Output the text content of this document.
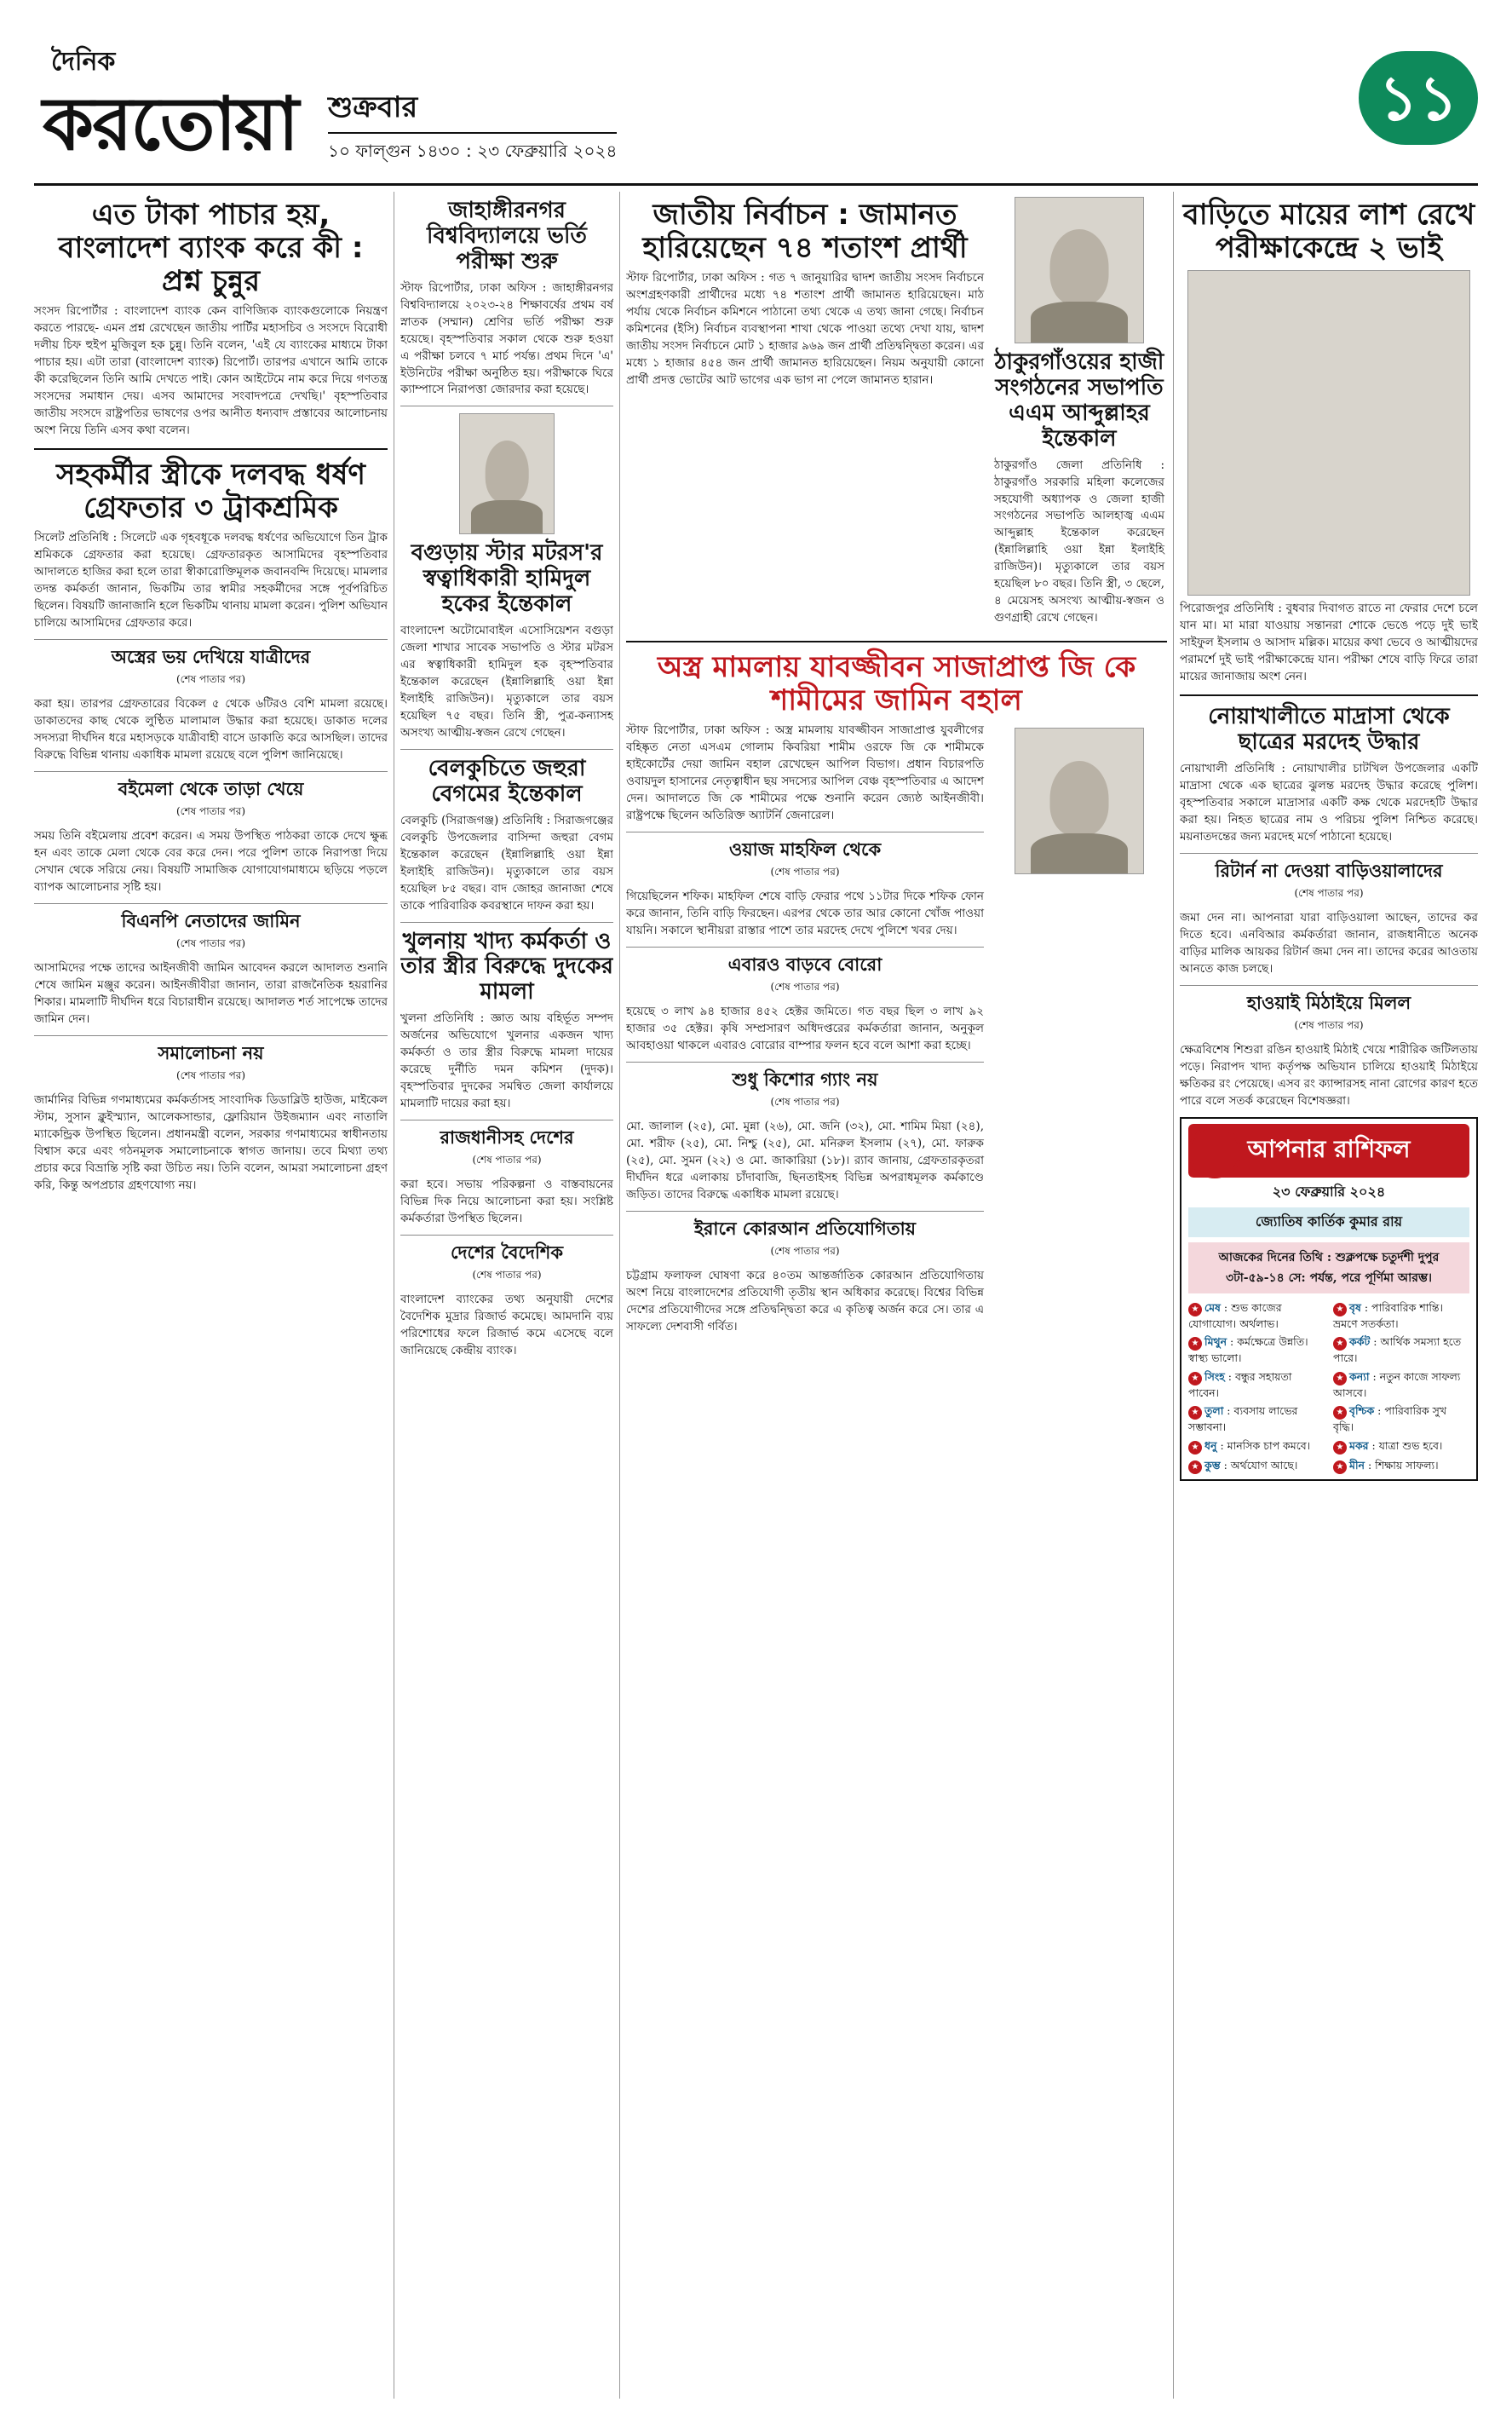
দৈনিক
করতোয়া শুক্রবার
১০ ফাল্গুন ১৪৩০ : ২৩ ফেব্রুয়ারি ২০২৪
১১
এত টাকা পাচার হয়, বাংলাদেশ ব্যাংক করে কী : প্রশ্ন চুন্নুর

সংসদ রিপোর্টার : বাংলাদেশ ব্যাংক কেন বাণিজ্যিক ব্যাংকগুলোকে নিয়ন্ত্রণ করতে পারছে- এমন প্রশ্ন রেখেছেন জাতীয় পার্টির মহাসচিব ও সংসদে বিরোধী দলীয় চিফ হুইপ মুজিবুল হক চুন্নু। তিনি বলেন, 'এই যে ব্যাংকের মাধ্যমে টাকা পাচার হয়। এটা তারা (বাংলাদেশ ব্যাংক) রিপোর্ট। তারপর এখানে আমি তাকে কী করেছিলেন তিনি আমি দেখতে পাই। কোন আইটেমে নাম করে দিয়ে গণতন্ত্র সংসদের সমাধান দেয়। এসব আমাদের সংবাদপত্রে দেখছি।' বৃহস্পতিবার জাতীয় সংসদে রাষ্ট্রপতির ভাষণের ওপর আনীত ধন্যবাদ প্রস্তাবের আলোচনায় অংশ নিয়ে তিনি এসব কথা বলেন।

সহকর্মীর স্ত্রীকে দলবদ্ধ ধর্ষণ গ্রেফতার ৩ ট্রাকশ্রমিক

সিলেট প্রতিনিধি : সিলেটে এক গৃহবধূকে দলবদ্ধ ধর্ষণের অভিযোগে তিন ট্রাক শ্রমিককে গ্রেফতার করা হয়েছে। গ্রেফতারকৃত আসামিদের বৃহস্পতিবার আদালতে হাজির করা হলে তারা স্বীকারোক্তিমূলক জবানবন্দি দিয়েছে। মামলার তদন্ত কর্মকর্তা জানান, ভিকটিম তার স্বামীর সহকর্মীদের সঙ্গে পূর্বপরিচিত ছিলেন। বিষয়টি জানাজানি হলে ভিকটিম থানায় মামলা করেন। পুলিশ অভিযান চালিয়ে আসামিদের গ্রেফতার করে।

অস্ত্রের ভয় দেখিয়ে যাত্রীদের
(শেষ পাতার পর)

করা হয়। তারপর গ্রেফতারের বিকেল ৫ থেকে ৬টিরও বেশি মামলা রয়েছে। ডাকাতদের কাছ থেকে লুণ্ঠিত মালামাল উদ্ধার করা হয়েছে। ডাকাত দলের সদস্যরা দীর্ঘদিন ধরে মহাসড়কে যাত্রীবাহী বাসে ডাকাতি করে আসছিল। তাদের বিরুদ্ধে বিভিন্ন থানায় একাধিক মামলা রয়েছে বলে পুলিশ জানিয়েছে।

বইমেলা থেকে তাড়া খেয়ে
(শেষ পাতার পর)

সময় তিনি বইমেলায় প্রবেশ করেন। এ সময় উপস্থিত পাঠকরা তাকে দেখে ক্ষুব্ধ হন এবং তাকে মেলা থেকে বের করে দেন। পরে পুলিশ তাকে নিরাপত্তা দিয়ে সেখান থেকে সরিয়ে নেয়। বিষয়টি সামাজিক যোগাযোগমাধ্যমে ছড়িয়ে পড়লে ব্যাপক আলোচনার সৃষ্টি হয়।

বিএনপি নেতাদের জামিন
(শেষ পাতার পর)

আসামিদের পক্ষে তাদের আইনজীবী জামিন আবেদন করলে আদালত শুনানি শেষে জামিন মঞ্জুর করেন। আইনজীবীরা জানান, তারা রাজনৈতিক হয়রানির শিকার। মামলাটি দীর্ঘদিন ধরে বিচারাধীন রয়েছে। আদালত শর্ত সাপেক্ষে তাদের জামিন দেন।

সমালোচনা নয়
(শেষ পাতার পর)

জার্মানির বিভিন্ন গণমাধ্যমের কর্মকর্তাসহ সাংবাদিক ডিডাব্লিউ হাউজ, মাইকেল স্টাম, সুসান ক্লুইস্ম্যান, আলেকসান্ডার, ফ্লোরিয়ান উইজম্যান এবং নাতালি ম্যাকেন্ড্রিক উপস্থিত ছিলেন। প্রধানমন্ত্রী বলেন, সরকার গণমাধ্যমের স্বাধীনতায় বিশ্বাস করে এবং গঠনমূলক সমালোচনাকে স্বাগত জানায়। তবে মিথ্যা তথ্য প্রচার করে বিভ্রান্তি সৃষ্টি করা উচিত নয়। তিনি বলেন, আমরা সমালোচনা গ্রহণ করি, কিন্তু অপপ্রচার গ্রহণযোগ্য নয়।

জাহাঙ্গীরনগর বিশ্ববিদ্যালয়ে ভর্তি পরীক্ষা শুরু

স্টাফ রিপোর্টার, ঢাকা অফিস : জাহাঙ্গীরনগর বিশ্ববিদ্যালয়ে ২০২৩-২৪ শিক্ষাবর্ষের প্রথম বর্ষ স্নাতক (সম্মান) শ্রেণির ভর্তি পরীক্ষা শুরু হয়েছে। বৃহস্পতিবার সকাল থেকে শুরু হওয়া এ পরীক্ষা চলবে ৭ মার্চ পর্যন্ত। প্রথম দিনে 'এ' ইউনিটের পরীক্ষা অনুষ্ঠিত হয়। পরীক্ষাকে ঘিরে ক্যাম্পাসে নিরাপত্তা জোরদার করা হয়েছে।

বগুড়ায় স্টার মটরস'র স্বত্বাধিকারী হামিদুল হকের ইন্তেকাল

বাংলাদেশ অটোমোবাইল এসোসিয়েশন বগুড়া জেলা শাখার সাবেক সভাপতি ও স্টার মটরস এর স্বত্বাধিকারী হামিদুল হক বৃহস্পতিবার ইন্তেকাল করেছেন (ইন্নালিল্লাহি ওয়া ইন্না ইলাইহি রাজিউন)। মৃত্যুকালে তার বয়স হয়েছিল ৭৫ বছর। তিনি স্ত্রী, পুত্র-কন্যাসহ অসংখ্য আত্মীয়-স্বজন রেখে গেছেন।

বেলকুচিতে জহুরা বেগমের ইন্তেকাল

বেলকুচি (সিরাজগঞ্জ) প্রতিনিধি : সিরাজগঞ্জের বেলকুচি উপজেলার বাসিন্দা জহুরা বেগম ইন্তেকাল করেছেন (ইন্নালিল্লাহি ওয়া ইন্না ইলাইহি রাজিউন)। মৃত্যুকালে তার বয়স হয়েছিল ৮৫ বছর। বাদ জোহর জানাজা শেষে তাকে পারিবারিক কবরস্থানে দাফন করা হয়।

খুলনায় খাদ্য কর্মকর্তা ও তার স্ত্রীর বিরুদ্ধে দুদকের মামলা

খুলনা প্রতিনিধি : জ্ঞাত আয় বহির্ভূত সম্পদ অর্জনের অভিযোগে খুলনার একজন খাদ্য কর্মকর্তা ও তার স্ত্রীর বিরুদ্ধে মামলা দায়ের করেছে দুর্নীতি দমন কমিশন (দুদক)। বৃহস্পতিবার দুদকের সমন্বিত জেলা কার্যালয়ে মামলাটি দায়ের করা হয়।

রাজধানীসহ দেশের
(শেষ পাতার পর)

করা হবে। সভায় পরিকল্পনা ও বাস্তবায়নের বিভিন্ন দিক নিয়ে আলোচনা করা হয়। সংশ্লিষ্ট কর্মকর্তারা উপস্থিত ছিলেন।

দেশের বৈদেশিক
(শেষ পাতার পর)

বাংলাদেশ ব্যাংকের তথ্য অনুযায়ী দেশের বৈদেশিক মুদ্রার রিজার্ভ কমেছে। আমদানি ব্যয় পরিশোধের ফলে রিজার্ভ কমে এসেছে বলে জানিয়েছে কেন্দ্রীয় ব্যাংক।

জাতীয় নির্বাচন : জামানত হারিয়েছেন ৭৪ শতাংশ প্রার্থী

স্টাফ রিপোর্টার, ঢাকা অফিস : গত ৭ জানুয়ারির দ্বাদশ জাতীয় সংসদ নির্বাচনে অংশগ্রহণকারী প্রার্থীদের মধ্যে ৭৪ শতাংশ প্রার্থী জামানত হারিয়েছেন। মাঠ পর্যায় থেকে নির্বাচন কমিশনে পাঠানো তথ্য থেকে এ তথ্য জানা গেছে। নির্বাচন কমিশনের (ইসি) নির্বাচন ব্যবস্থাপনা শাখা থেকে পাওয়া তথ্যে দেখা যায়, দ্বাদশ জাতীয় সংসদ নির্বাচনে মোট ১ হাজার ৯৬৯ জন প্রার্থী প্রতিদ্বন্দ্বিতা করেন। এর মধ্যে ১ হাজার ৪৫৪ জন প্রার্থী জামানত হারিয়েছেন। নিয়ম অনুযায়ী কোনো প্রার্থী প্রদত্ত ভোটের আট ভাগের এক ভাগ না পেলে জামানত হারান।

ঠাকুরগাঁওয়ের হাজী সংগঠনের সভাপতি এএম আব্দুল্লাহর ইন্তেকাল

ঠাকুরগাঁও জেলা প্রতিনিধি : ঠাকুরগাঁও সরকারি মহিলা কলেজের সহযোগী অধ্যাপক ও জেলা হাজী সংগঠনের সভাপতি আলহাজ্ব এএম আব্দুল্লাহ ইন্তেকাল করেছেন (ইন্নালিল্লাহি ওয়া ইন্না ইলাইহি রাজিউন)। মৃত্যুকালে তার বয়স হয়েছিল ৮০ বছর। তিনি স্ত্রী, ৩ ছেলে, ৪ মেয়েসহ অসংখ্য আত্মীয়-স্বজন ও গুণগ্রাহী রেখে গেছেন।

অস্ত্র মামলায় যাবজ্জীবন সাজাপ্রাপ্ত জি কে শামীমের জামিন বহাল

স্টাফ রিপোর্টার, ঢাকা অফিস : অস্ত্র মামলায় যাবজ্জীবন সাজাপ্রাপ্ত যুবলীগের বহিষ্কৃত নেতা এসএম গোলাম কিবরিয়া শামীম ওরফে জি কে শামীমকে হাইকোর্টের দেয়া জামিন বহাল রেখেছেন আপিল বিভাগ। প্রধান বিচারপতি ওবায়দুল হাসানের নেতৃত্বাধীন ছয় সদস্যের আপিল বেঞ্চ বৃহস্পতিবার এ আদেশ দেন। আদালতে জি কে শামীমের পক্ষে শুনানি করেন জ্যেষ্ঠ আইনজীবী। রাষ্ট্রপক্ষে ছিলেন অতিরিক্ত অ্যাটর্নি জেনারেল।

ওয়াজ মাহফিল থেকে
(শেষ পাতার পর)

গিয়েছিলেন শফিক। মাহফিল শেষে বাড়ি ফেরার পথে ১১টার দিকে শফিক ফোন করে জানান, তিনি বাড়ি ফিরছেন। এরপর থেকে তার আর কোনো খোঁজ পাওয়া যায়নি। সকালে স্থানীয়রা রাস্তার পাশে তার মরদেহ দেখে পুলিশে খবর দেয়।

এবারও বাড়বে বোরো
(শেষ পাতার পর)

হয়েছে ৩ লাখ ৯৪ হাজার ৪৫২ হেক্টর জমিতে। গত বছর ছিল ৩ লাখ ৯২ হাজার ৩৫ হেক্টর। কৃষি সম্প্রসারণ অধিদপ্তরের কর্মকর্তারা জানান, অনুকূল আবহাওয়া থাকলে এবারও বোরোর বাম্পার ফলন হবে বলে আশা করা হচ্ছে।

শুধু কিশোর গ্যাং নয়
(শেষ পাতার পর)

মো. জালাল (২৫), মো. মুন্না (২৬), মো. জনি (৩২), মো. শামিম মিয়া (২৪), মো. শরীফ (২৫), মো. নিশ্চু (২৫), মো. মনিরুল ইসলাম (২৭), মো. ফারুক (২৫), মো. সুমন (২২) ও মো. জাকারিয়া (১৮)। র‍্যাব জানায়, গ্রেফতারকৃতরা দীর্ঘদিন ধরে এলাকায় চাঁদাবাজি, ছিনতাইসহ বিভিন্ন অপরাধমূলক কর্মকাণ্ডে জড়িত। তাদের বিরুদ্ধে একাধিক মামলা রয়েছে।

ইরানে কোরআন প্রতিযোগিতায়
(শেষ পাতার পর)

চট্টগ্রাম ফলাফল ঘোষণা করে ৪০তম আন্তর্জাতিক কোরআন প্রতিযোগিতায় অংশ নিয়ে বাংলাদেশের প্রতিযোগী তৃতীয় স্থান অধিকার করেছে। বিশ্বের বিভিন্ন দেশের প্রতিযোগীদের সঙ্গে প্রতিদ্বন্দ্বিতা করে এ কৃতিত্ব অর্জন করে সে। তার এ সাফল্যে দেশবাসী গর্বিত।

বাড়িতে মায়ের লাশ রেখে পরীক্ষাকেন্দ্রে ২ ভাই

পিরোজপুর প্রতিনিধি : বুধবার দিবাগত রাতে না ফেরার দেশে চলে যান মা। মা মারা যাওয়ায় সন্তানরা শোকে ভেঙে পড়ে দুই ভাই সাইফুল ইসলাম ও আসাদ মল্লিক। মায়ের কথা ভেবে ও আত্মীয়দের পরামর্শে দুই ভাই পরীক্ষাকেন্দ্রে যান। পরীক্ষা শেষে বাড়ি ফিরে তারা মায়ের জানাজায় অংশ নেন।

নোয়াখালীতে মাদ্রাসা থেকে ছাত্রের মরদেহ উদ্ধার

নোয়াখালী প্রতিনিধি : নোয়াখালীর চাটখিল উপজেলার একটি মাদ্রাসা থেকে এক ছাত্রের ঝুলন্ত মরদেহ উদ্ধার করেছে পুলিশ। বৃহস্পতিবার সকালে মাদ্রাসার একটি কক্ষ থেকে মরদেহটি উদ্ধার করা হয়। নিহত ছাত্রের নাম ও পরিচয় পুলিশ নিশ্চিত করেছে। ময়নাতদন্তের জন্য মরদেহ মর্গে পাঠানো হয়েছে।

রিটার্ন না দেওয়া বাড়িওয়ালাদের
(শেষ পাতার পর)

জমা দেন না। আপনারা যারা বাড়িওয়ালা আছেন, তাদের কর দিতে হবে। এনবিআর কর্মকর্তারা জানান, রাজধানীতে অনেক বাড়ির মালিক আয়কর রিটার্ন জমা দেন না। তাদের করের আওতায় আনতে কাজ চলছে।

হাওয়াই মিঠাইয়ে মিলল
(শেষ পাতার পর)

ক্ষেত্রবিশেষ শিশুরা রঙিন হাওয়াই মিঠাই খেয়ে শারীরিক জটিলতায় পড়ে। নিরাপদ খাদ্য কর্তৃপক্ষ অভিযান চালিয়ে হাওয়াই মিঠাইয়ে ক্ষতিকর রং পেয়েছে। এসব রং ক্যান্সারসহ নানা রোগের কারণ হতে পারে বলে সতর্ক করেছেন বিশেষজ্ঞরা।

আপনার রাশিফল
২৩ ফেব্রুয়ারি ২০২৪
জ্যোতিষ কার্তিক কুমার রায়
আজকের দিনের তিথি : শুক্লপক্ষে চতুর্দশী দুপুর ৩টা-৫৯-১৪ সে: পর্যন্ত, পরে পূর্ণিমা আরম্ভ।
★ মেষ : শুভ কাজের যোগাযোগ। অর্থলাভ।
★ বৃষ : পারিবারিক শান্তি। ভ্রমণে সতর্কতা।
★ মিথুন : কর্মক্ষেত্রে উন্নতি। স্বাস্থ্য ভালো।
★ কর্কট : আর্থিক সমস্যা হতে পারে।
★ সিংহ : বন্ধুর সহায়তা পাবেন।
★ কন্যা : নতুন কাজে সাফল্য আসবে।
★ তুলা : ব্যবসায় লাভের সম্ভাবনা।
★ বৃশ্চিক : পারিবারিক সুখ বৃদ্ধি।
★ ধনু : মানসিক চাপ কমবে।	★ মকর : যাত্রা শুভ হবে।
★ কুম্ভ : অর্থযোগ আছে।	★ মীন : শিক্ষায় সাফল্য।
